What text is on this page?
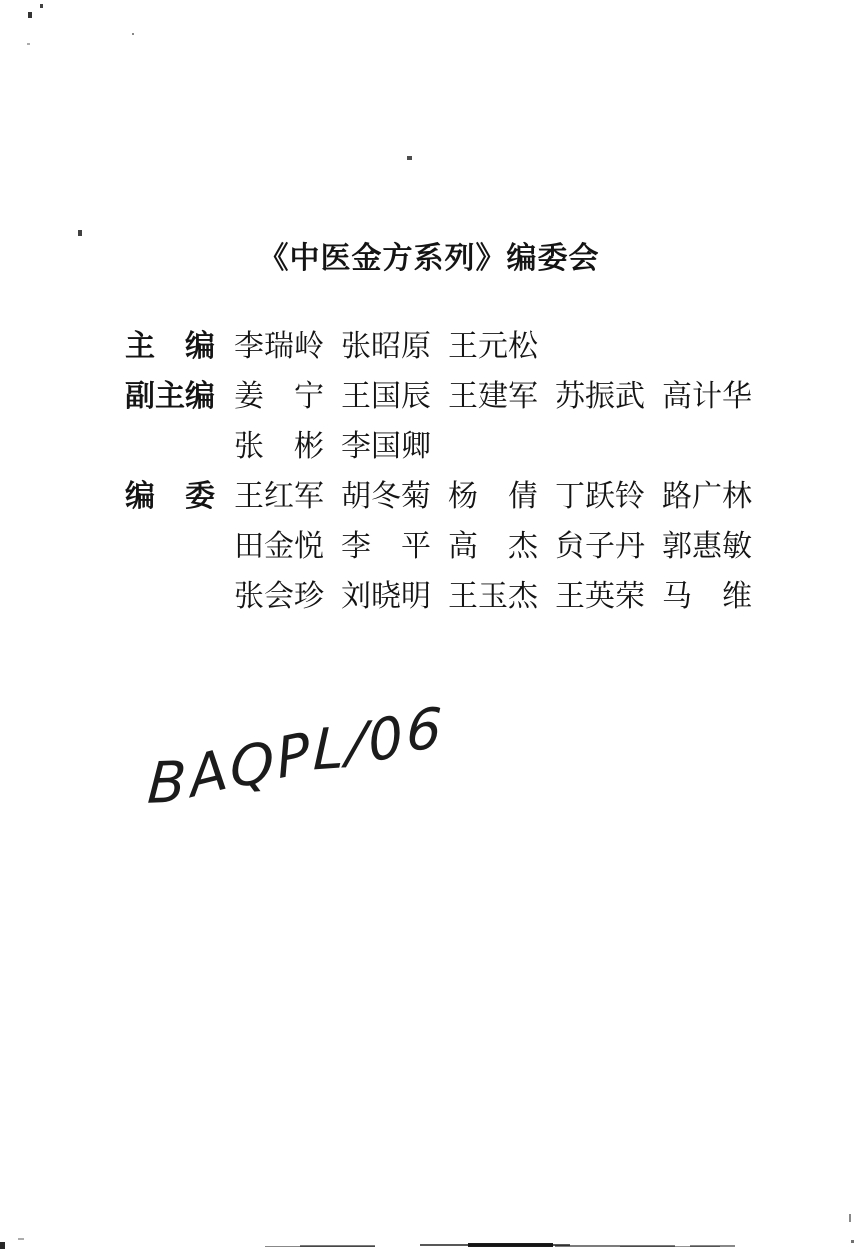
《中医金方系列》编委会
主　编 李瑞岭 张昭原 王元松
副主编 姜　宁 王国辰 王建军 苏振武 高计华
张　彬 李国卿
编　委 王红军 胡冬菊 杨　倩 丁跃铃 路广林
田金悦 李　平 高　杰 贠子丹 郭惠敏
张会珍 刘晓明 王玉杰 王英荣 马　维
BAQPL/06
